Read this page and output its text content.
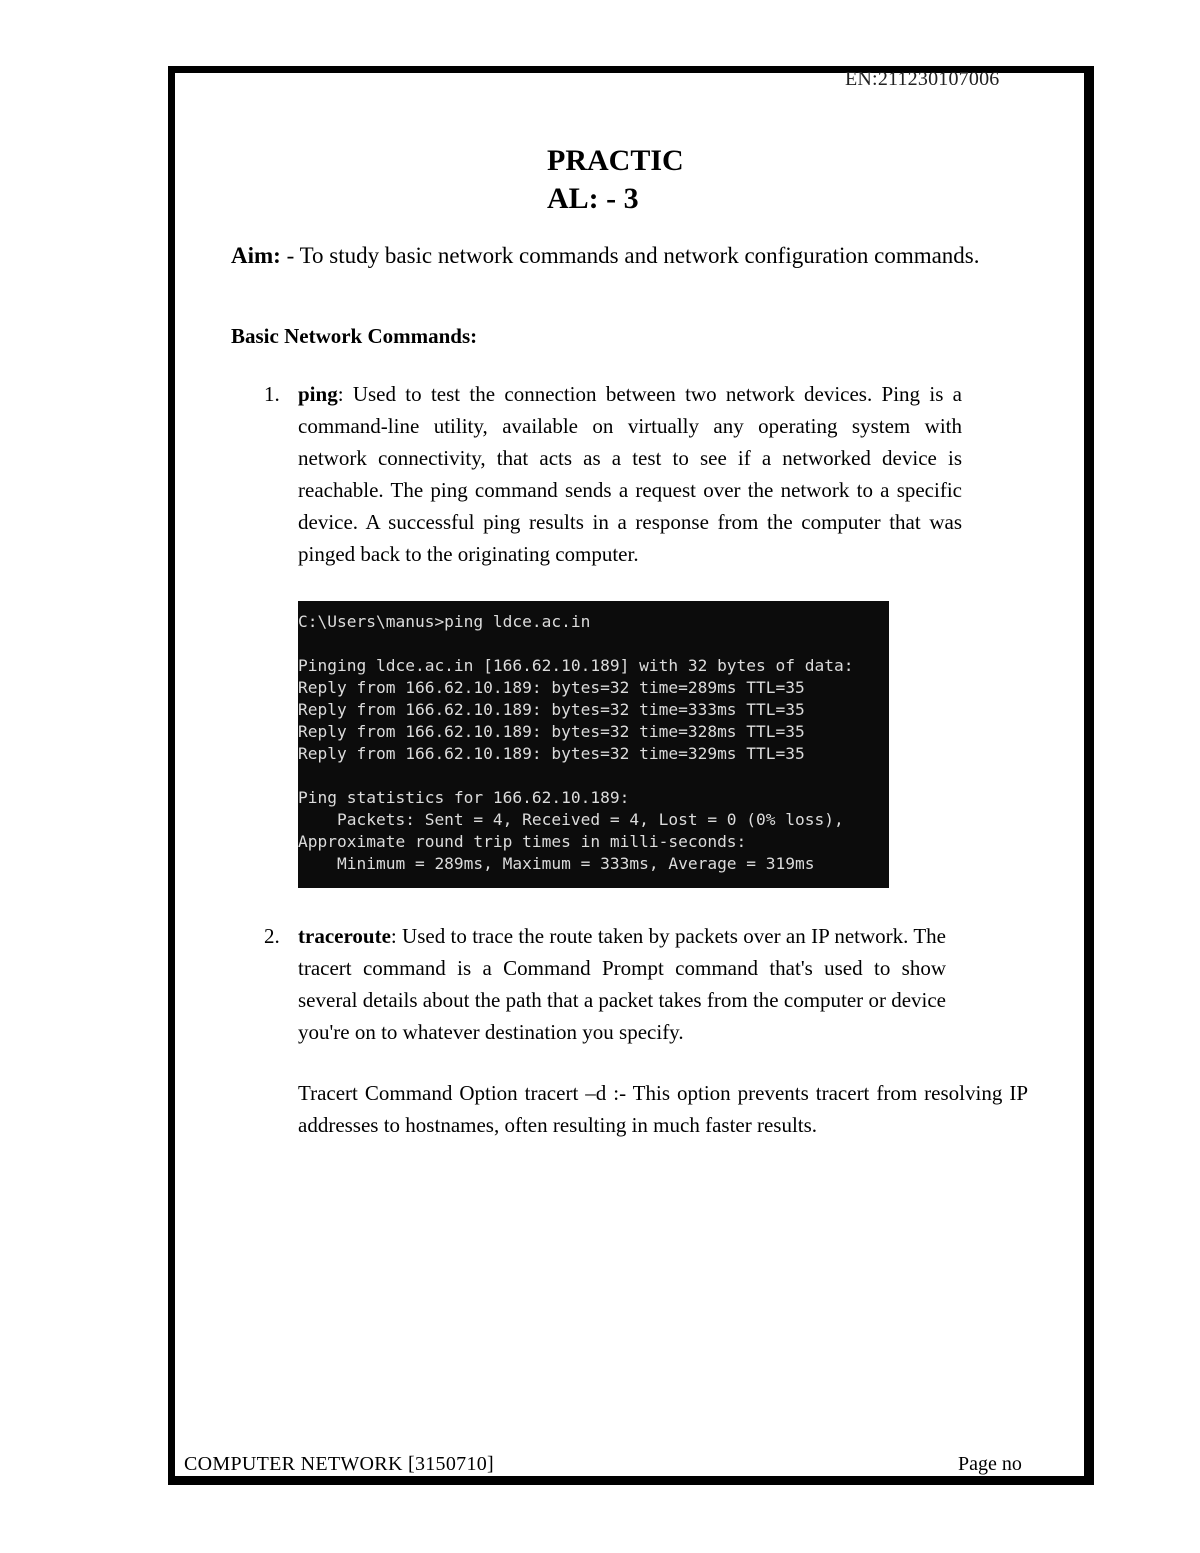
EN:211230107006
PRACTIC
AL: - 3
Aim: - To study basic network commands and network configuration commands.
Basic Network Commands:
1. ping: Used to test the connection between two network devices. Ping is a command-line utility, available on virtually any operating system with network connectivity, that acts as a test to see if a networked device is reachable. The ping command sends a request over the network to a specific device. A successful ping results in a response from the computer that was pinged back to the originating computer.
C:\Users\manus>ping ldce.ac.in
Pinging ldce.ac.in [166.62.10.189] with 32 bytes of data:
Reply from 166.62.10.189: bytes=32 time=289ms TTL=35
Reply from 166.62.10.189: bytes=32 time=333ms TTL=35
Reply from 166.62.10.189: bytes=32 time=328ms TTL=35
Reply from 166.62.10.189: bytes=32 time=329ms TTL=35
Ping statistics for 166.62.10.189:
Packets: Sent = 4, Received = 4, Lost = 0 (0% loss),
Approximate round trip times in milli-seconds:
Minimum = 289ms, Maximum = 333ms, Average = 319ms
2. traceroute: Used to trace the route taken by packets over an IP network. The tracert command is a Command Prompt command that's used to show several details about the path that a packet takes from the computer or device you're on to whatever destination you specify.
Tracert Command Option tracert –d :- This option prevents tracert from resolving IP addresses to hostnames, often resulting in much faster results.
COMPUTER NETWORK [3150710]	Page no
